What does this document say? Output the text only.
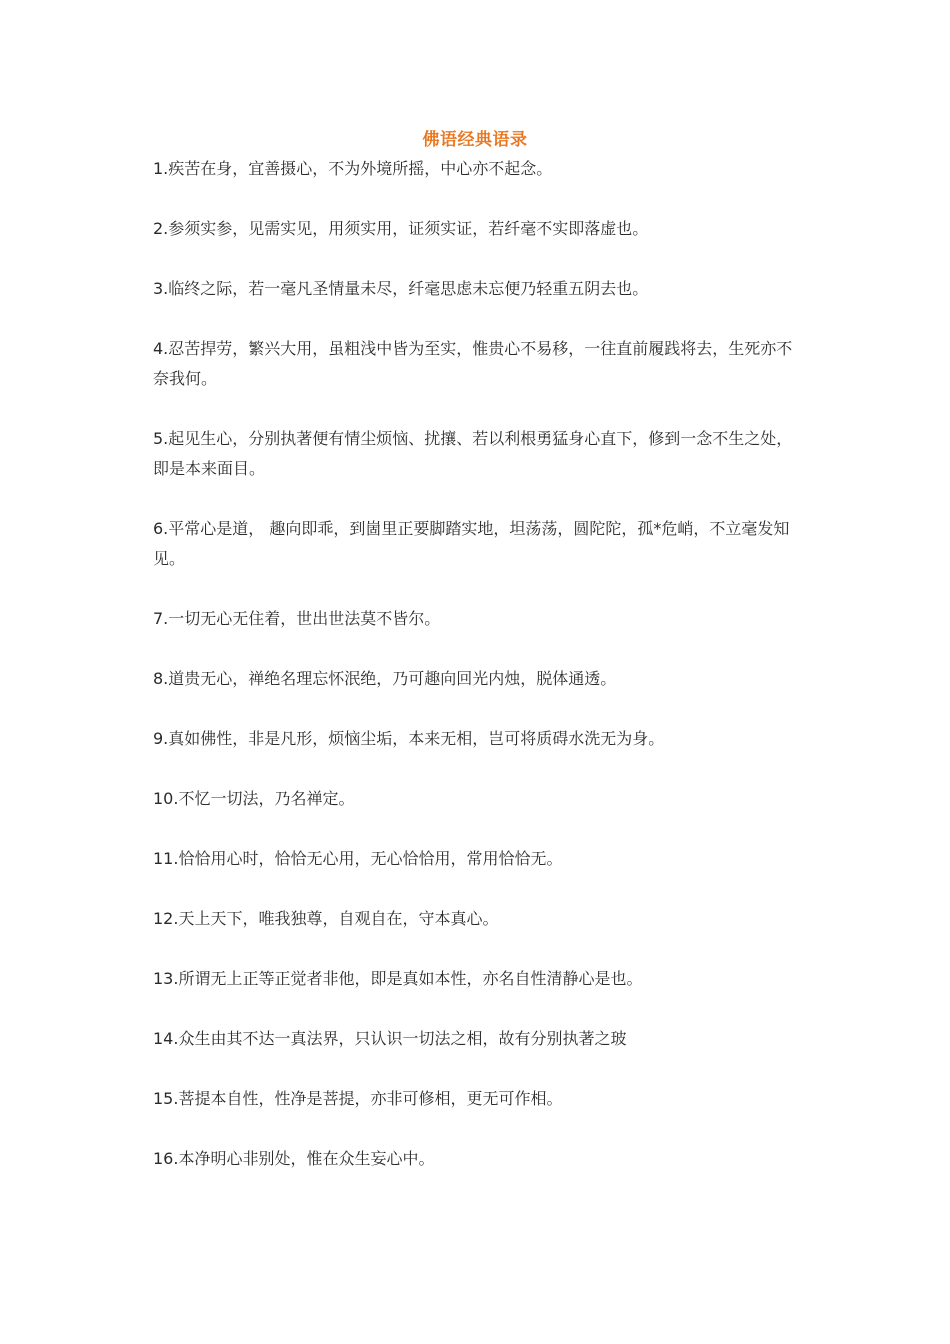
佛语经典语录
1.疾苦在身，宜善摄心，不为外境所摇，中心亦不起念。
2.参须实参，见需实见，用须实用，证须实证，若纤毫不实即落虚也。
3.临终之际，若一毫凡圣情量未尽，纤毫思虑未忘便乃轻重五阴去也。
4.忍苦捍劳，繁兴大用，虽粗浅中皆为至实，惟贵心不易移，一往直前履践将去，生死亦不奈我何。
5.起见生心，分别执著便有情尘烦恼、扰攘、若以利根勇猛身心直下，修到一念不生之处，即是本来面目。
6.平常心是道， 趣向即乖，到崮里正要脚踏实地，坦荡荡，圆陀陀，孤*危峭，不立毫发知见。
7.一切无心无住着，世出世法莫不皆尔。
8.道贵无心，禅绝名理忘怀泯绝，乃可趣向回光内烛，脱体通透。
9.真如佛性，非是凡形，烦恼尘垢，本来无相，岂可将质碍水洗无为身。
10.不忆一切法，乃名禅定。
11.恰恰用心时，恰恰无心用，无心恰恰用，常用恰恰无。
12.天上天下，唯我独尊，自观自在，守本真心。
13.所谓无上正等正觉者非他，即是真如本性，亦名自性清静心是也。
14.众生由其不达一真法界，只认识一切法之相，故有分别执著之玻
15.菩提本自性，性净是菩提，亦非可修相，更无可作相。
16.本净明心非别处，惟在众生妄心中。
